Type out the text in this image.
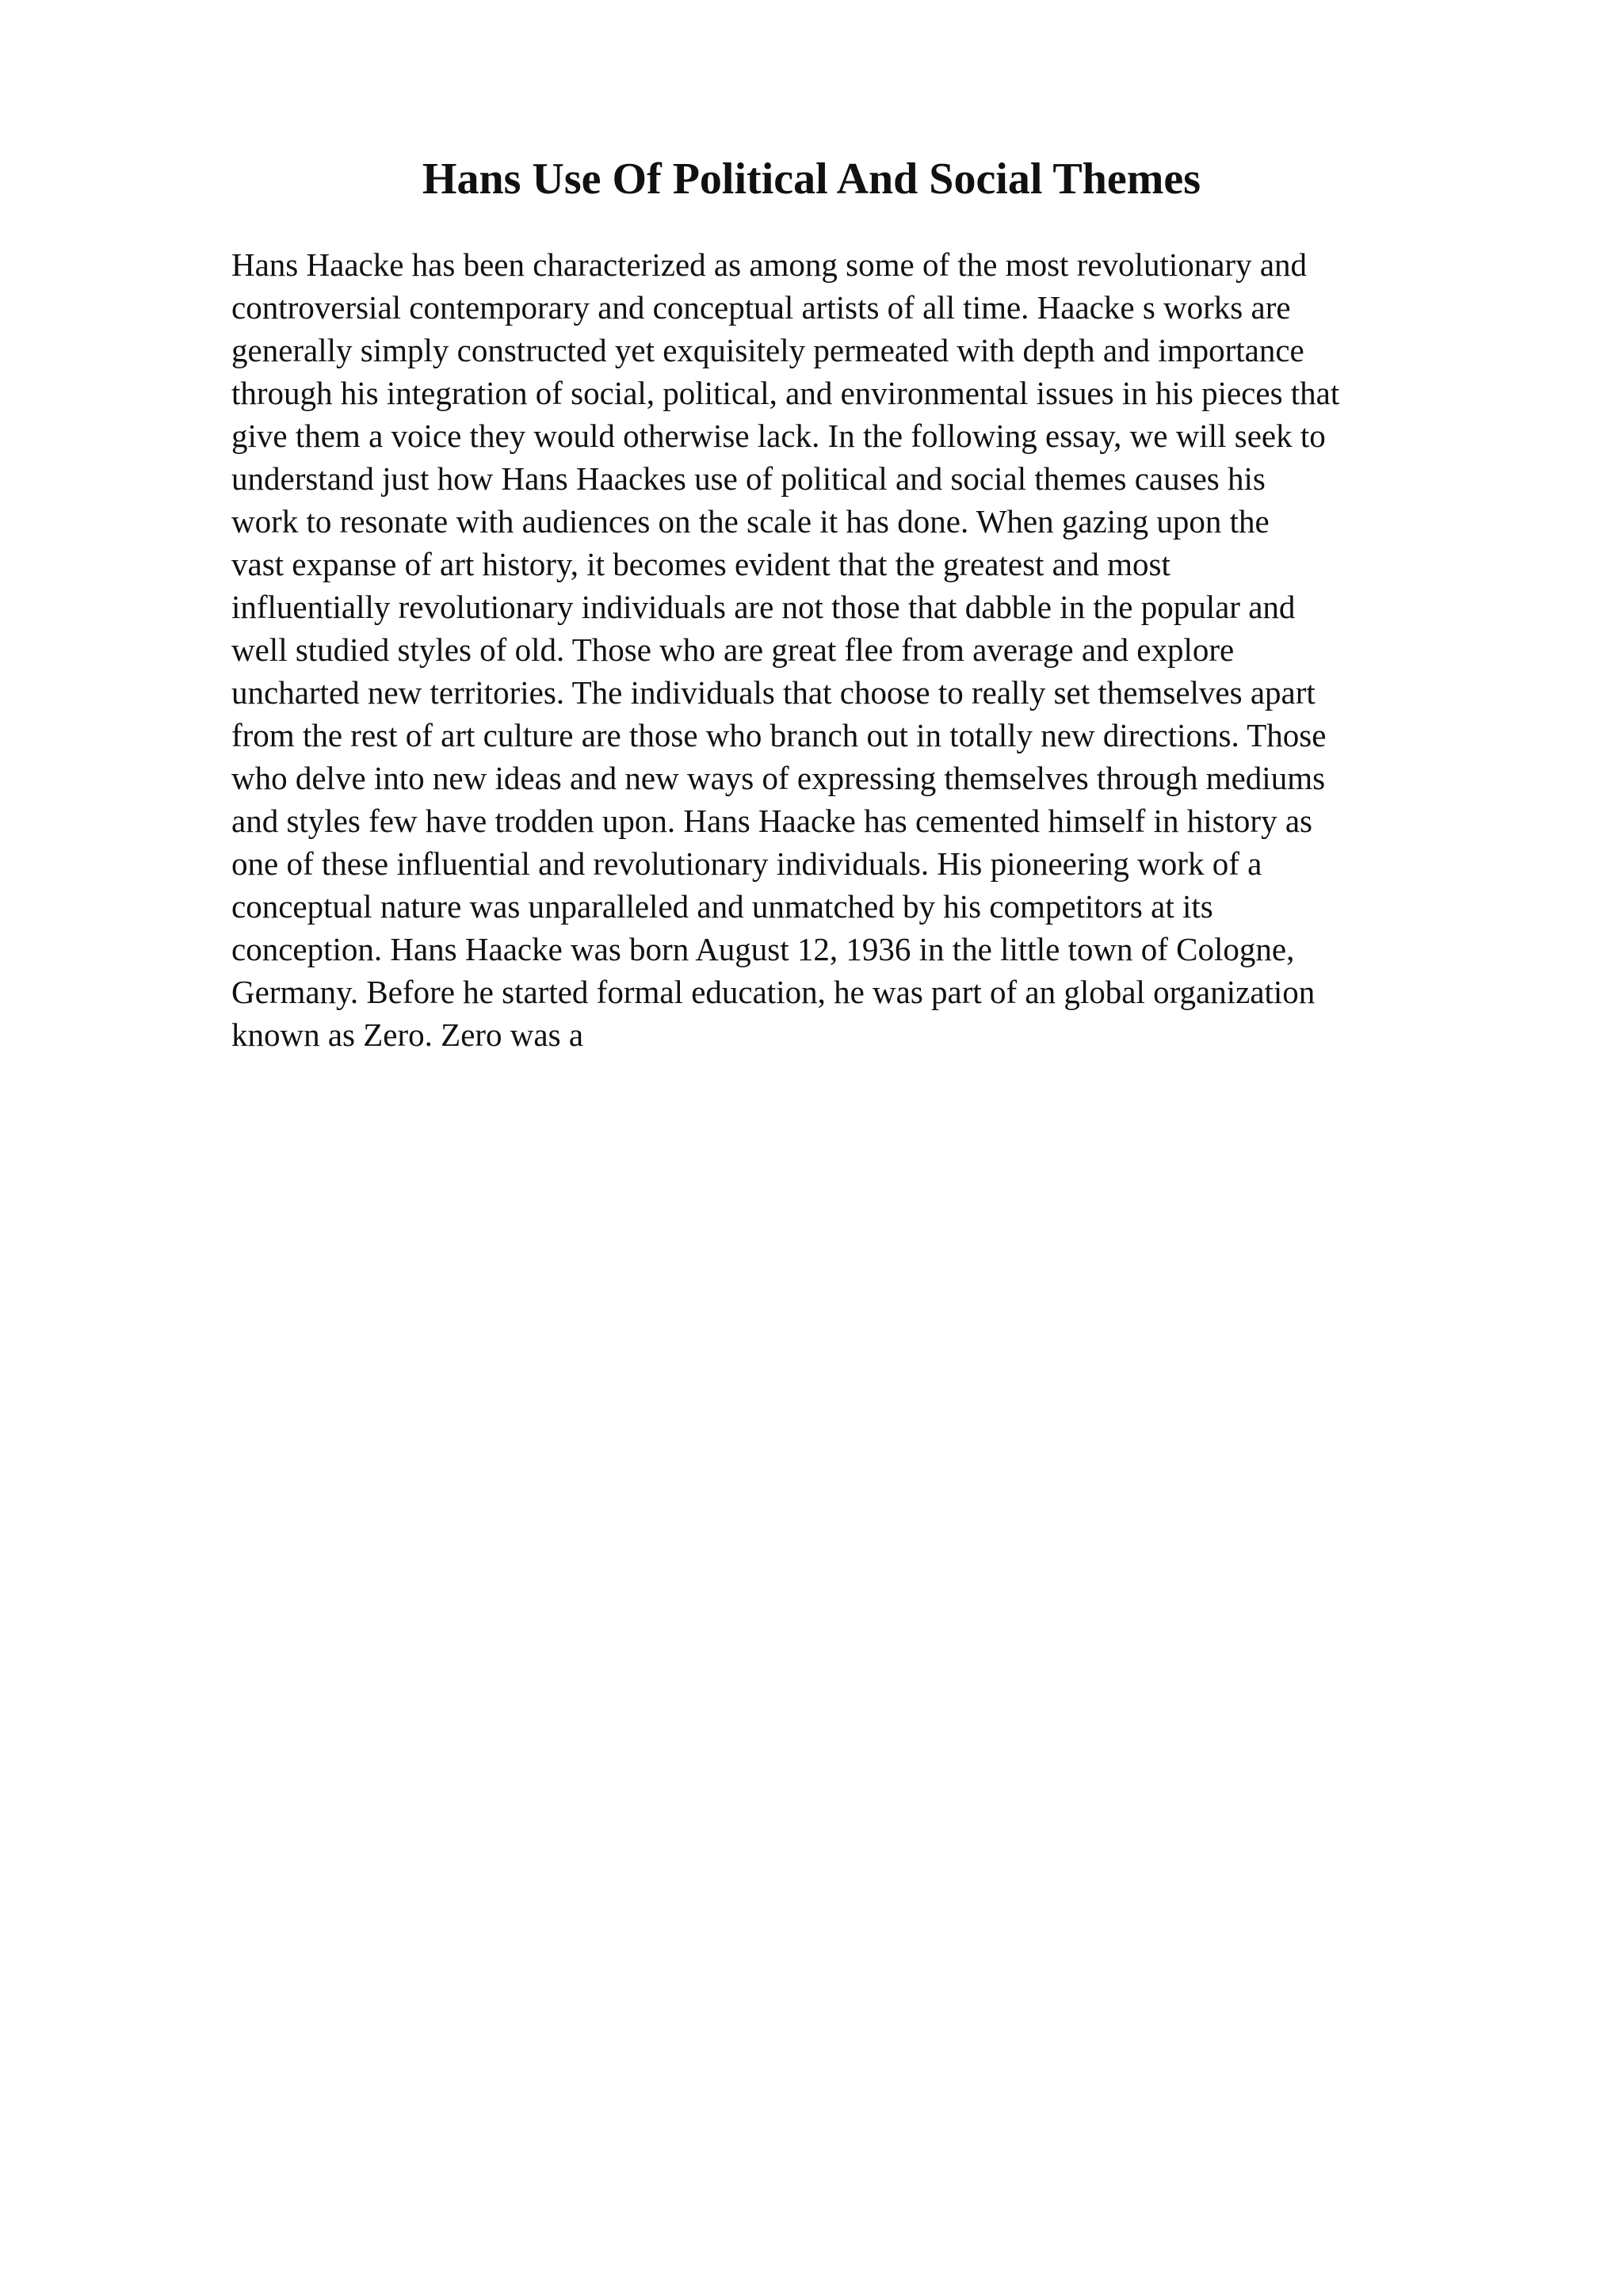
Hans Use Of Political And Social Themes
Hans Haacke has been characterized as among some of the most revolutionary and
controversial contemporary and conceptual artists of all time. Haacke s works are
generally simply constructed yet exquisitely permeated with depth and importance
through his integration of social, political, and environmental issues in his pieces that
give them a voice they would otherwise lack. In the following essay, we will seek to
understand just how Hans Haackes use of political and social themes causes his
work to resonate with audiences on the scale it has done. When gazing upon the
vast expanse of art history, it becomes evident that the greatest and most
influentially revolutionary individuals are not those that dabble in the popular and
well studied styles of old. Those who are great flee from average and explore
uncharted new territories. The individuals that choose to really set themselves apart
from the rest of art culture are those who branch out in totally new directions. Those
who delve into new ideas and new ways of expressing themselves through mediums
and styles few have trodden upon. Hans Haacke has cemented himself in history as
one of these influential and revolutionary individuals. His pioneering work of a
conceptual nature was unparalleled and unmatched by his competitors at its
conception. Hans Haacke was born August 12, 1936 in the little town of Cologne,
Germany. Before he started formal education, he was part of an global organization
known as Zero. Zero was a
